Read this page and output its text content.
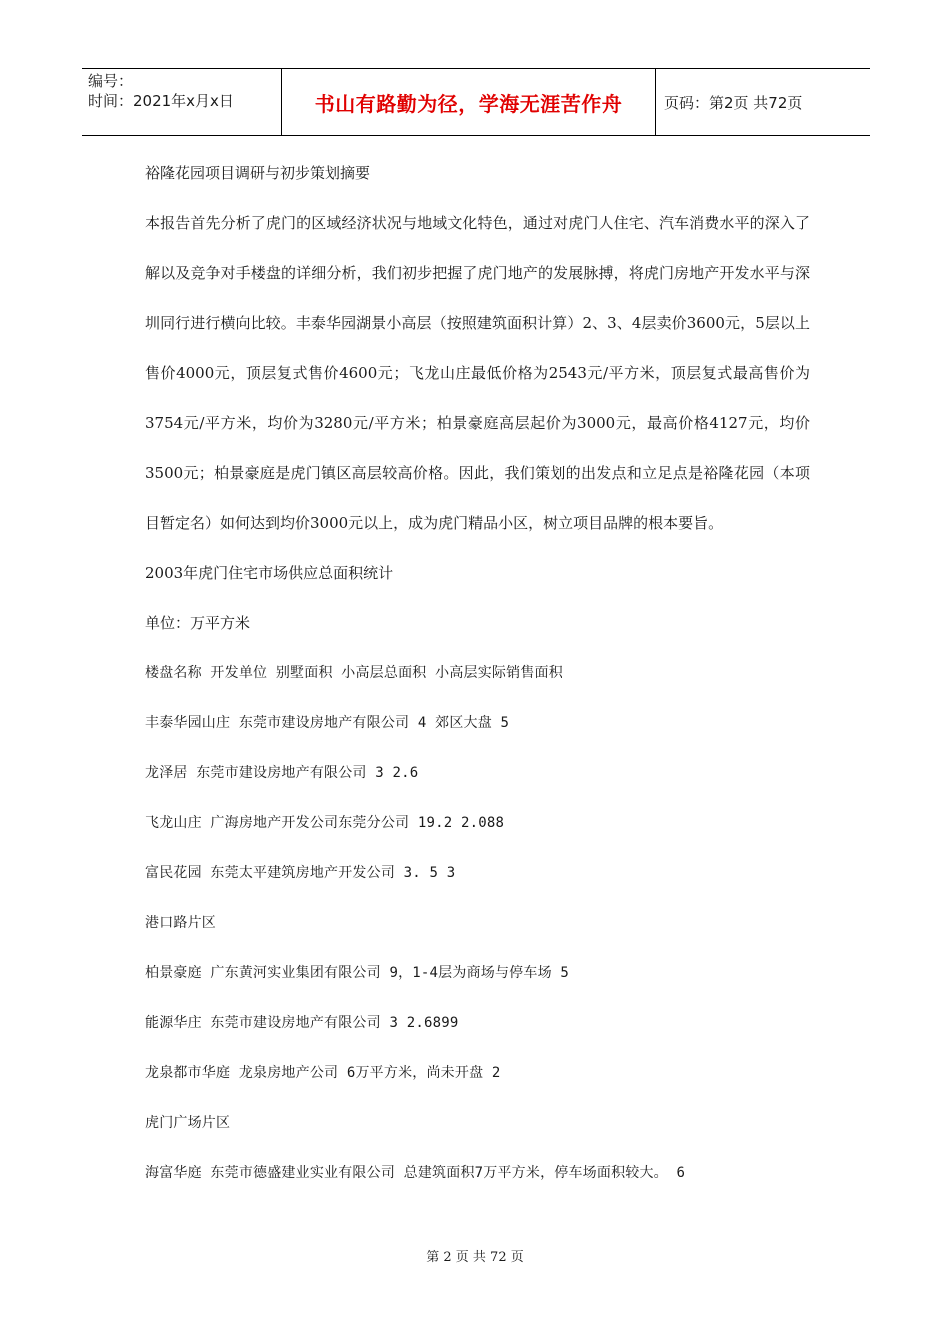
编号：
时间：2021年x月x日	书山有路勤为径，学海无涯苦作舟	页码：第2页 共72页

裕隆花园项目调研与初步策划摘要

本报告首先分析了虎门的区域经济状况与地域文化特色，通过对虎门人住宅、汽车消费水平的深入了解以及竞争对手楼盘的详细分析，我们初步把握了虎门地产的发展脉搏，将虎门房地产开发水平与深圳同行进行横向比较。丰泰华园湖景小高层（按照建筑面积计算）2、3、4层卖价3600元，5层以上售价4000元，顶层复式售价4600元；飞龙山庄最低价格为2543元/平方米，顶层复式最高售价为3754元/平方米，均价为3280元/平方米；柏景豪庭高层起价为3000元，最高价格4127元，均价3500元；柏景豪庭是虎门镇区高层较高价格。因此，我们策划的出发点和立足点是裕隆花园（本项目暂定名）如何达到均价3000元以上，成为虎门精品小区，树立项目品牌的根本要旨。

2003年虎门住宅市场供应总面积统计

单位：万平方米

楼盘名称 开发单位 别墅面积 小高层总面积 小高层实际销售面积

丰泰华园山庄 东莞市建设房地产有限公司 4 郊区大盘 5

龙泽居 东莞市建设房地产有限公司 3 2.6

飞龙山庄 广海房地产开发公司东莞分公司 19.2 2.088

富民花园 东莞太平建筑房地产开发公司 3. 5 3

港口路片区

柏景豪庭 广东黄河实业集团有限公司 9，1-4层为商场与停车场 5

能源华庄 东莞市建设房地产有限公司 3 2.6899

龙泉都市华庭 龙泉房地产公司 6万平方米，尚未开盘 2

虎门广场片区

海富华庭 东莞市德盛建业实业有限公司 总建筑面积7万平方米，停车场面积较大。 6

第 2 页 共 72 页
